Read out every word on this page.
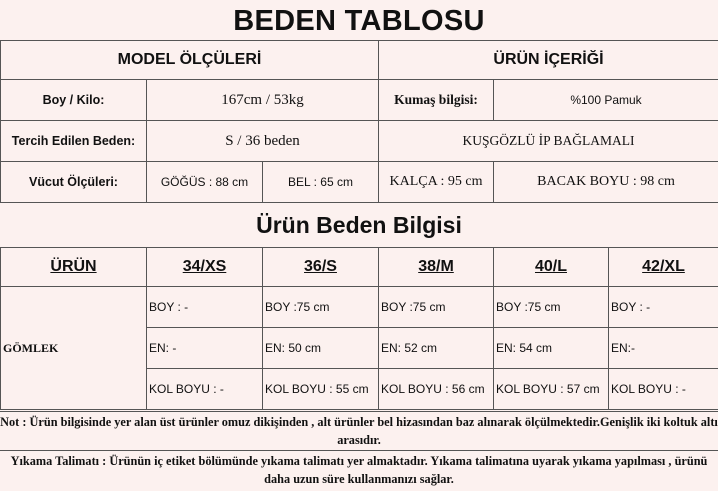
BEDEN TABLOSU
MODEL ÖLÇÜLERİ			ÜRÜN İÇERİĞİ	
Boy / Kilo:	167cm / 53kg		Kumaş bilgisi:	%100 Pamuk
Tercih Edilen Beden:	S / 36 beden		KUŞGÖZLÜ İP BAĞLAMALI	
Vücut Ölçüleri:	GÖĞÜS : 88 cm	BEL : 65 cm	KALÇA : 95 cm	BACAK BOYU : 98 cm
Ürün Beden Bilgisi
ÜRÜN	34/XS	36/S	38/M	40/L	42/XL
GÖMLEK	BOY : -	BOY :75 cm	BOY :75 cm	BOY :75 cm	BOY : -
	EN: -	EN: 50 cm	EN: 52 cm	EN: 54 cm	EN:-
	KOL BOYU : -	KOL BOYU : 55 cm	KOL BOYU : 56 cm	KOL BOYU : 57 cm	KOL BOYU : -
Not : Ürün bilgisinde yer alan üst ürünler omuz dikişinden , alt ürünler bel hizasından baz alınarak ölçülmektedir.Genişlik iki koltuk altı arasıdır.
Yıkama Talimatı : Ürünün iç etiket bölümünde yıkama talimatı yer almaktadır. Yıkama talimatına uyarak yıkama yapılması , ürünü daha uzun süre kullanmanızı sağlar.
